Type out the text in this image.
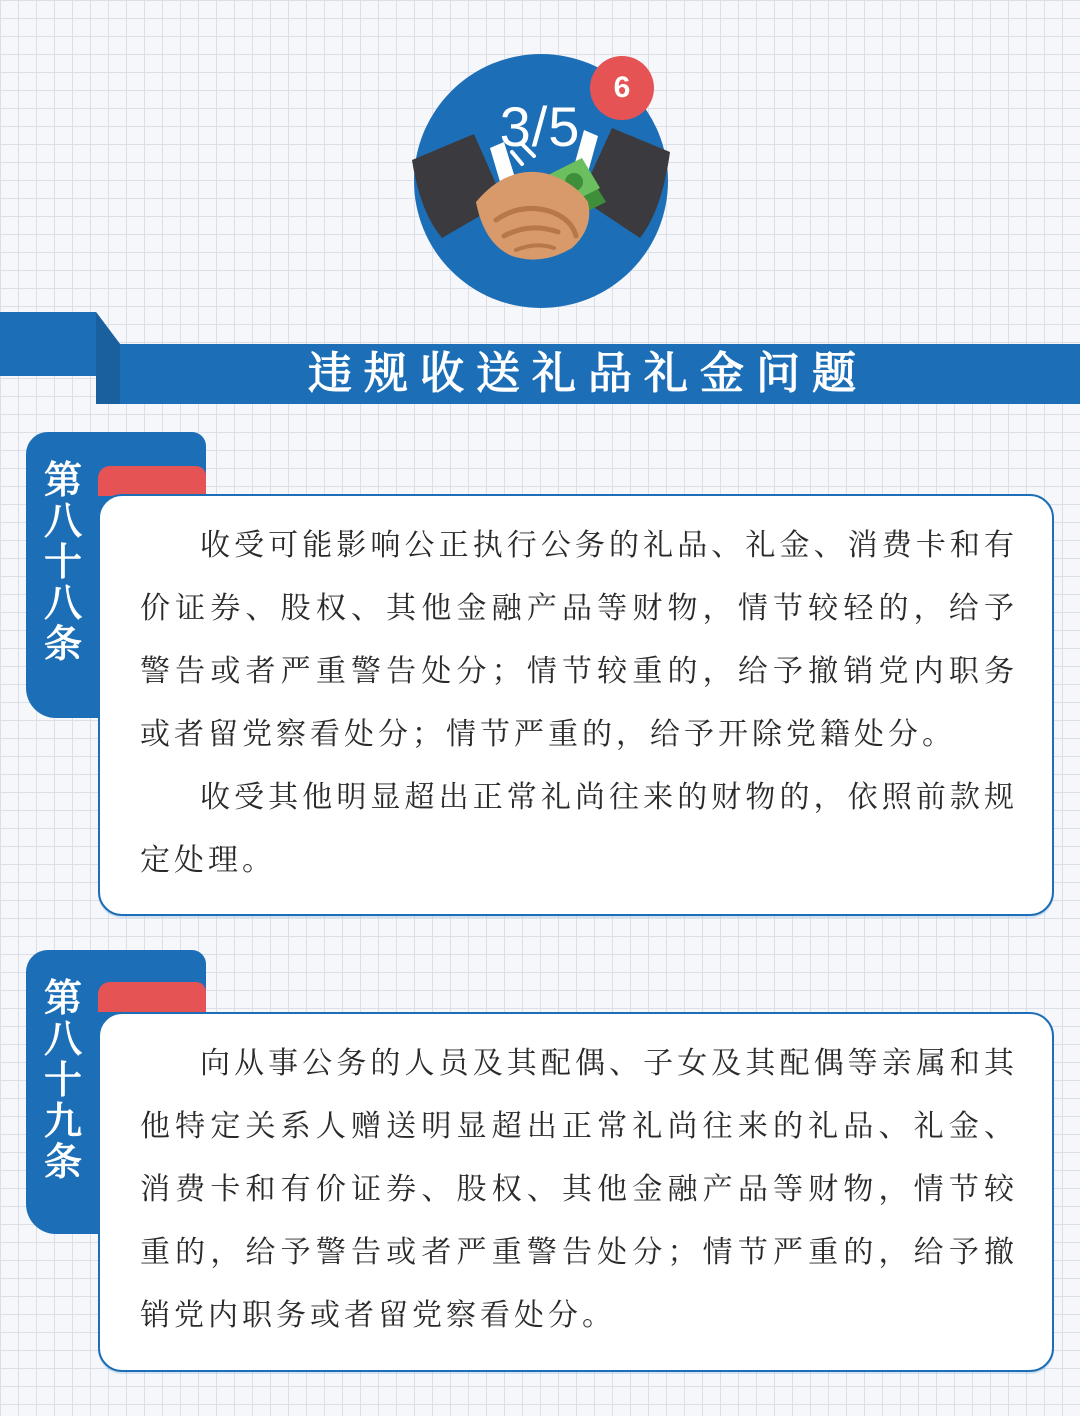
3/5
6
违规收送礼品礼金问题
第八十八条

收受可能影响公正执行公务的礼品、礼金、消费卡和有价证券、股权、其他金融产品等财物，情节较轻的，给予警告或者严重警告处分；情节较重的，给予撤销党内职务或者留党察看处分；情节严重的，给予开除党籍处分。

收受其他明显超出正常礼尚往来的财物的，依照前款规定处理。

第八十九条

向从事公务的人员及其配偶、子女及其配偶等亲属和其他特定关系人赠送明显超出正常礼尚往来的礼品、礼金、消费卡和有价证券、股权、其他金融产品等财物，情节较重的，给予警告或者严重警告处分；情节严重的，给予撤销党内职务或者留党察看处分。
